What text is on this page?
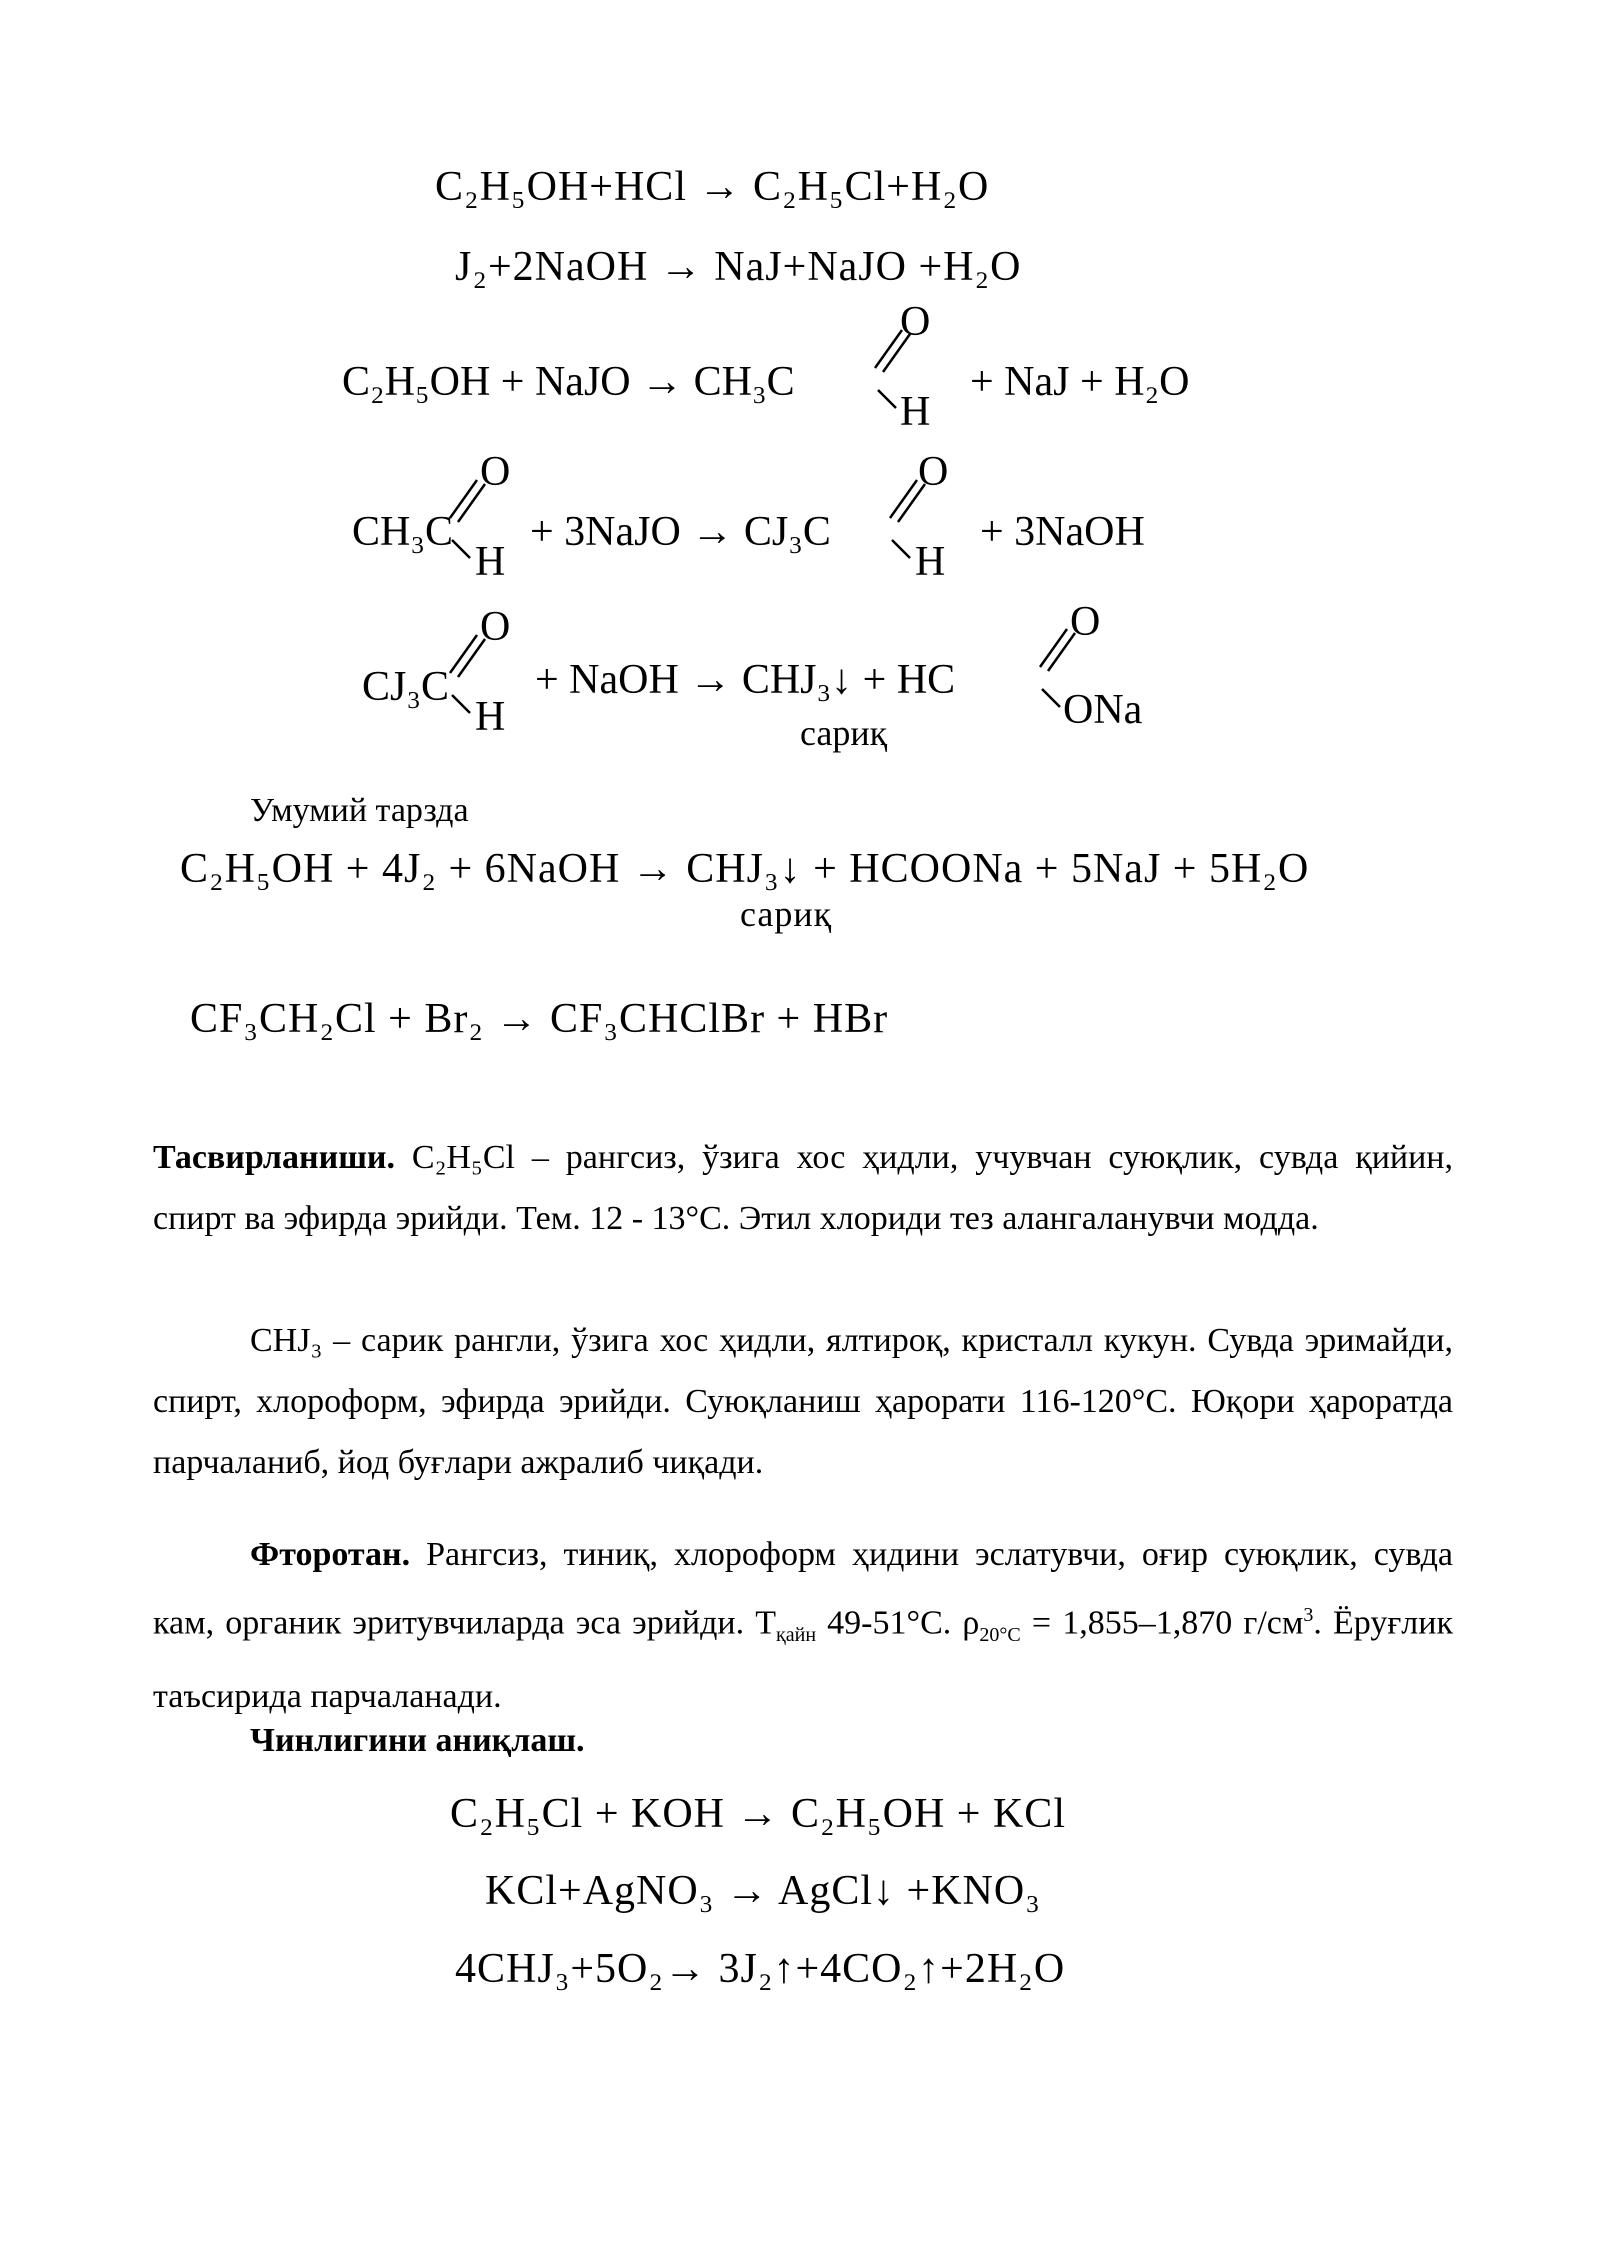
C₂H₅OH+HCl → C₂H₅Cl+H₂O
J₂+2NaOH → NaJ+NaJO +H₂O
C₂H₅OH + NaJO → CH₃C
O
H
+ NaJ + H₂O
CH₃C
O
H
+ 3NaJO → CJ₃C
O
H
+ 3NaOH
CJ₃C
O
H
+ NaOH → CHJ₃↓ + HC
сариқ
O
ONa
Умумий тарзда
C₂H₅OH + 4J₂ + 6NaOH → CHJ₃↓ + HCOONa + 5NaJ + 5H₂O
сариқ
CF₃CH₂Cl + Br₂ → CF₃CHClBr + HBr
Тасвирланиши. C₂H₅Cl – рангсиз, ўзига хос ҳидли, учувчан суюқлик, сувда қийин, спирт ва эфирда эрийди. Тем. 12 - 13°С. Этил хлориди тез алангаланувчи модда.
CHJ₃ – сарик рангли, ўзига хос ҳидли, ялтироқ, кристалл кукун. Сувда эримайди, спирт, хлороформ, эфирда эрийди. Суюқланиш ҳарорати 116-120°С. Юқори ҳароратда парчаланиб, йод буғлари ажралиб чиқади.
Фторотан. Рангсиз, тиниқ, хлороформ ҳидини эслатувчи, оғир суюқлик, сувда кам, органик эритувчиларда эса эрийди. $Т_{қайн}$ 49-51°С. $\rho_{20^\circ С} = 1,855-1,870$ $г/см^3$. Ёруғлик таъсирида парчаланади.
Чинлигини аниқлаш.
C₂H₅Cl + KOH → C₂H₅OH + KCl
KCl+AgNO₃ → AgCl↓ +KNO₃
4CHJ₃+5O₂→ 3J₂↑+4CO₂↑+2H₂O
